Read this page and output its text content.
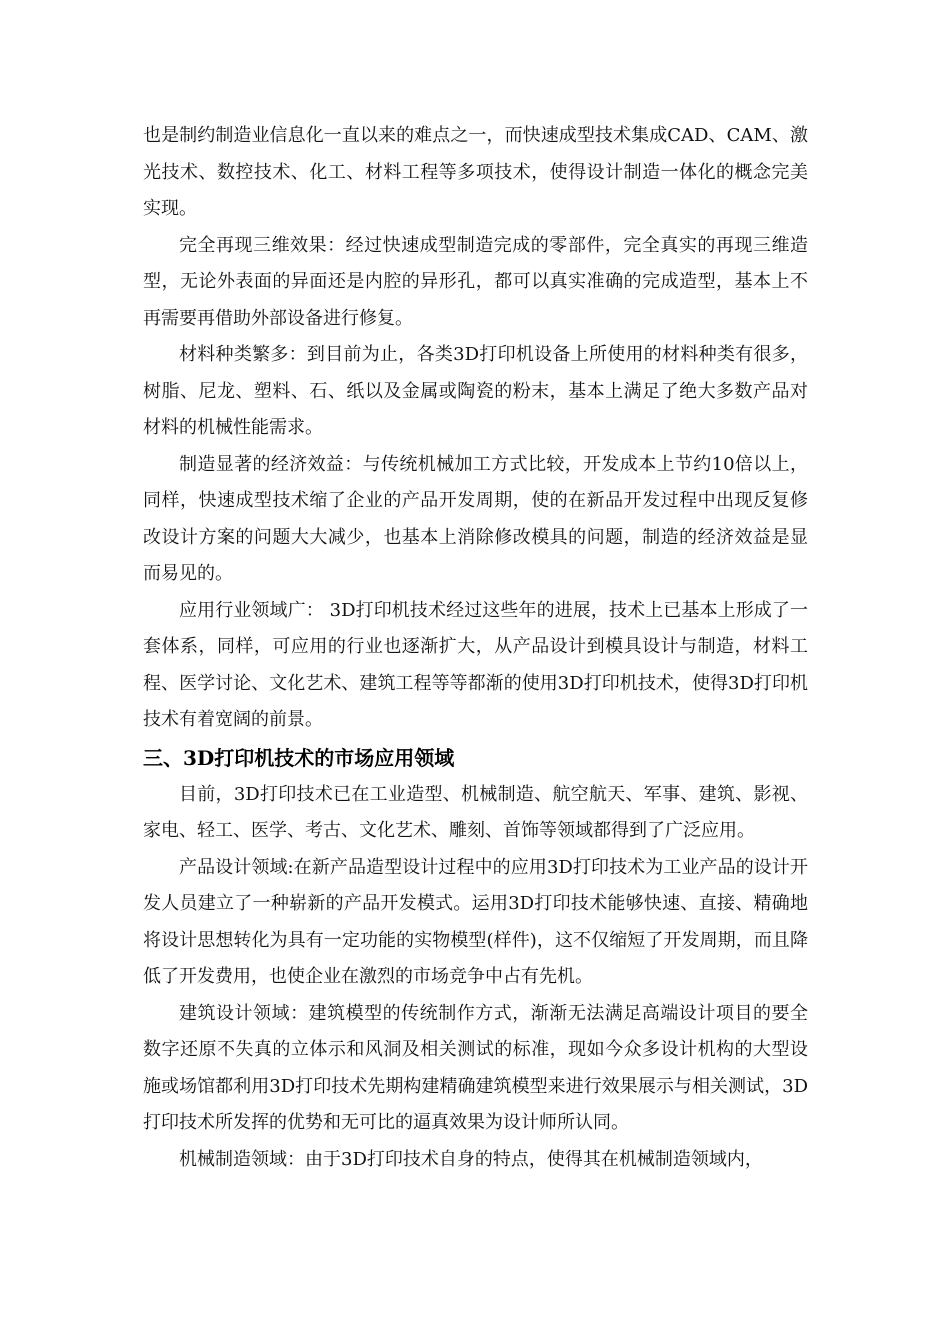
也是制约制造业信息化一直以来的难点之一，而快速成型技术集成CAD、CAM、激光技术、数控技术、化工、材料工程等多项技术，使得设计制造一体化的概念完美实现。

完全再现三维效果：经过快速成型制造完成的零部件，完全真实的再现三维造型，无论外表面的异面还是内腔的异形孔，都可以真实准确的完成造型，基本上不再需要再借助外部设备进行修复。

材料种类繁多：到目前为止，各类3D打印机设备上所使用的材料种类有很多，树脂、尼龙、塑料、石、纸以及金属或陶瓷的粉末，基本上满足了绝大多数产品对材料的机械性能需求。

制造显著的经济效益：与传统机械加工方式比较，开发成本上节约10倍以上，同样，快速成型技术缩了企业的产品开发周期，使的在新品开发过程中出现反复修改设计方案的问题大大减少，也基本上消除修改模具的问题，制造的经济效益是显而易见的。

应用行业领域广： 3D打印机技术经过这些年的进展，技术上已基本上形成了一套体系，同样，可应用的行业也逐渐扩大，从产品设计到模具设计与制造，材料工程、医学讨论、文化艺术、建筑工程等等都渐的使用3D打印机技术，使得3D打印机技术有着宽阔的前景。

三、3D打印机技术的市场应用领域

目前，3D打印技术已在工业造型、机械制造、航空航天、军事、建筑、影视、家电、轻工、医学、考古、文化艺术、雕刻、首饰等领域都得到了广泛应用。

产品设计领域:在新产品造型设计过程中的应用3D打印技术为工业产品的设计开发人员建立了一种崭新的产品开发模式。运用3D打印技术能够快速、直接、精确地将设计思想转化为具有一定功能的实物模型(样件)，这不仅缩短了开发周期，而且降低了开发费用，也使企业在激烈的市场竞争中占有先机。

建筑设计领域：建筑模型的传统制作方式，渐渐无法满足高端设计项目的要全数字还原不失真的立体示和风洞及相关测试的标准，现如今众多设计机构的大型设施或场馆都利用3D打印技术先期构建精确建筑模型来进行效果展示与相关测试，3D打印技术所发挥的优势和无可比的逼真效果为设计师所认同。

机械制造领域：由于3D打印技术自身的特点，使得其在机械制造领域内，
